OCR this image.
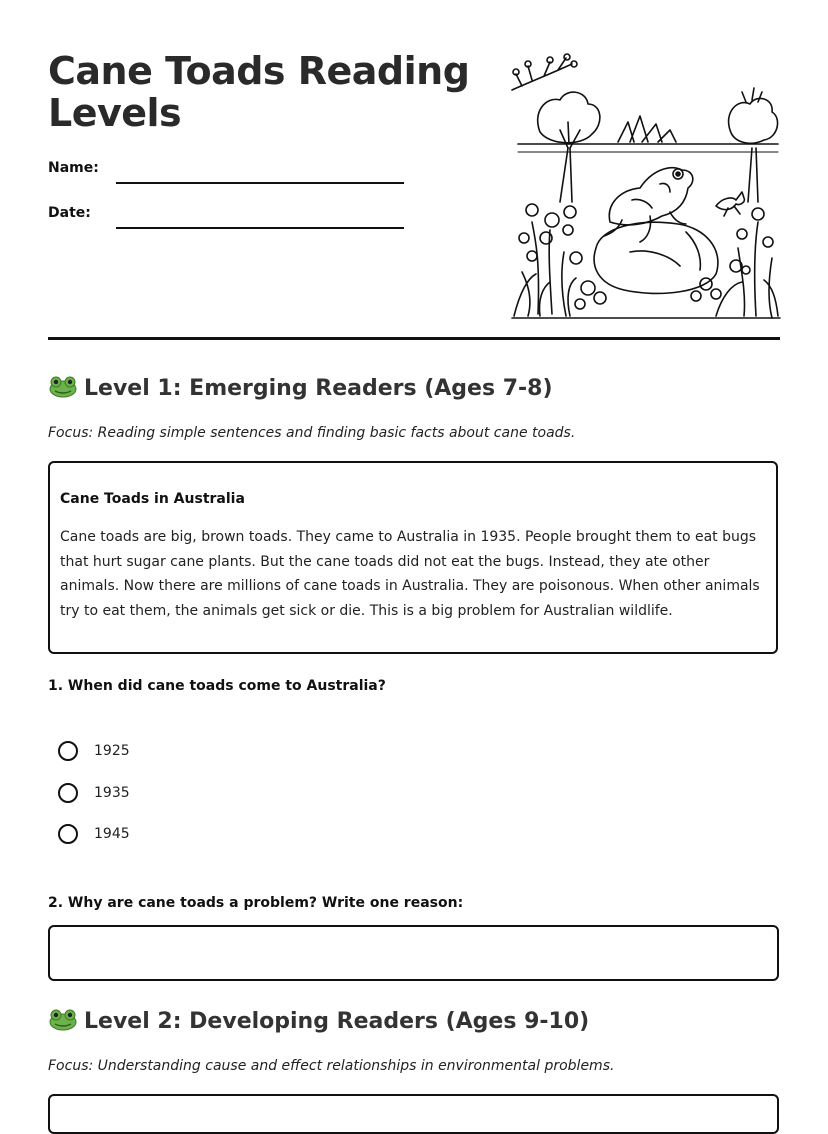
Cane Toads Reading Levels
Name:
Date:
Level 1: Emerging Readers (Ages 7-8)
Focus: Reading simple sentences and finding basic facts about cane toads.

Cane Toads in Australia

Cane toads are big, brown toads. They came to Australia in 1935. People brought them to eat bugs that hurt sugar cane plants. But the cane toads did not eat the bugs. Instead, they ate other animals. Now there are millions of cane toads in Australia. They are poisonous. When other animals try to eat them, the animals get sick or die. This is a big problem for Australian wildlife.

1. When did cane toads come to Australia?
1925
1935
1945
2. Why are cane toads a problem? Write one reason:
Level 2: Developing Readers (Ages 9-10)
Focus: Understanding cause and effect relationships in environmental problems.
